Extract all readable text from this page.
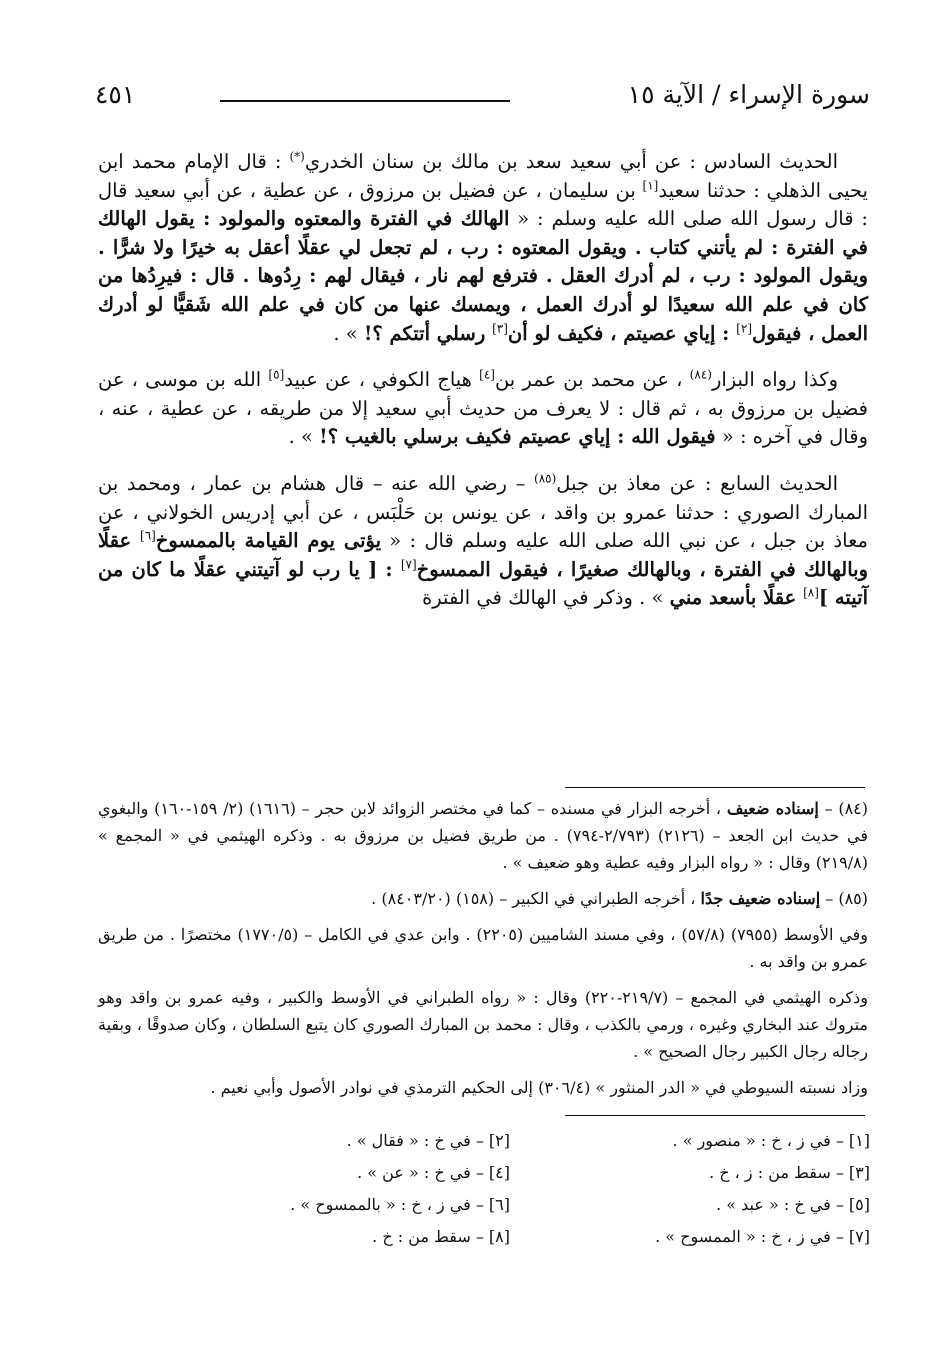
سورة الإسراء / الآية ١٥
٤٥١

الحديث السادس : عن أبي سعيد سعد بن مالك بن سنان الخدري(*) : قال الإمام محمد ابن يحيى الذهلي : حدثنا سعيد[١] بن سليمان ، عن فضيل بن مرزوق ، عن عطية ، عن أبي سعيد قال : قال رسول الله صلى الله عليه وسلم : « الهالك في الفترة والمعتوه والمولود : يقول الهالك في الفترة : لم يأتني كتاب . ويقول المعتوه : رب ، لم تجعل لي عقلًا أعقل به خيرًا ولا شرًّا . ويقول المولود : رب ، لم أدرك العقل . فترفع لهم نار ، فيقال لهم : رِدُوها . قال : فيرِدُها من كان في علم الله سعيدًا لو أدرك العمل ، ويمسك عنها من كان في علم الله شَقيًّا لو أدرك العمل ، فيقول[٢] : إياي عصيتم ، فكيف لو أن[٣] رسلي أتتكم ؟! » .

وكذا رواه البزار$^{(٨٤)}$ ، عن محمد بن عمر بن[٤] هياج الكوفي ، عن عبيد[٥] الله بن موسى ، عن فضيل بن مرزوق به ، ثم قال : لا يعرف من حديث أبي سعيد إلا من طريقه ، عن عطية ، عنه ، وقال في آخره : « فيقول الله : إياي عصيتم فكيف برسلي بالغيب ؟! » .

الحديث السابع : عن معاذ بن جبل$^{(٨٥)}$ – رضي الله عنه – قال هشام بن عمار ، ومحمد بن المبارك الصوري : حدثنا عمرو بن واقد ، عن يونس بن حَلْبَس ، عن أبي إدريس الخولاني ، عن معاذ بن جبل ، عن نبي الله صلى الله عليه وسلم قال : « يؤتى يوم القيامة بالممسوخ[٦] عقلًا وبالهالك في الفترة ، وبالهالك صغيرًا ، فيقول الممسوخ[٧] : [ يا رب لو آتيتني عقلًا ما كان من آتيته ][٨] عقلًا بأسعد مني » . وذكر في الهالك في الفترة

(٨٤) – إسناده ضعيف ، أخرجه البزار في مسنده – كما في مختصر الزوائد لابن حجر – (١٦١٦) (٢/ ١٥٩-١٦٠) والبغوي في حديث ابن الجعد – (٢١٢٦) (٢/٧٩٣-٧٩٤) . من طريق فضيل بن مرزوق به . وذكره الهيثمي في « المجمع » (٢١٩/٨) وقال : « رواه البزار وفيه عطية وهو ضعيف » .

(٨٥) – إسناده ضعيف جدًا ، أخرجه الطبراني في الكبير – (١٥٨) (٨٤٠٣/٢٠) .

وفي الأوسط (٧٩٥٥) (٥٧/٨) ، وفي مسند الشاميين (٢٢٠٥) . وابن عدي في الكامل – (١٧٧٠/٥) مختصرًا . من طريق عمرو بن واقد به .

وذكره الهيثمي في المجمع – (٢١٩/٧-٢٢٠) وقال : « رواه الطبراني في الأوسط والكبير ، وفيه عمرو بن واقد وهو متروك عند البخاري وغيره ، ورمي بالكذب ، وقال : محمد بن المبارك الصوري كان يتبع السلطان ، وكان صدوقًا ، وبقية رجاله رجال الكبير رجال الصحيح » .

وزاد نسبته السيوطي في « الدر المنثور » (٣٠٦/٤) إلى الحكيم الترمذي في نوادر الأصول وأبي نعيم .

[١] – في ز ، خ : « منصور » .
[٢] – في خ : « فقال » .
[٣] – سقط من : ز ، خ .
[٤] – في خ : « عن » .
[٥] – في خ : « عبد » .
[٦] – في ز ، خ : « بالممسوح » .
[٧] – في ز ، خ : « الممسوح » .
[٨] – سقط من : خ .
